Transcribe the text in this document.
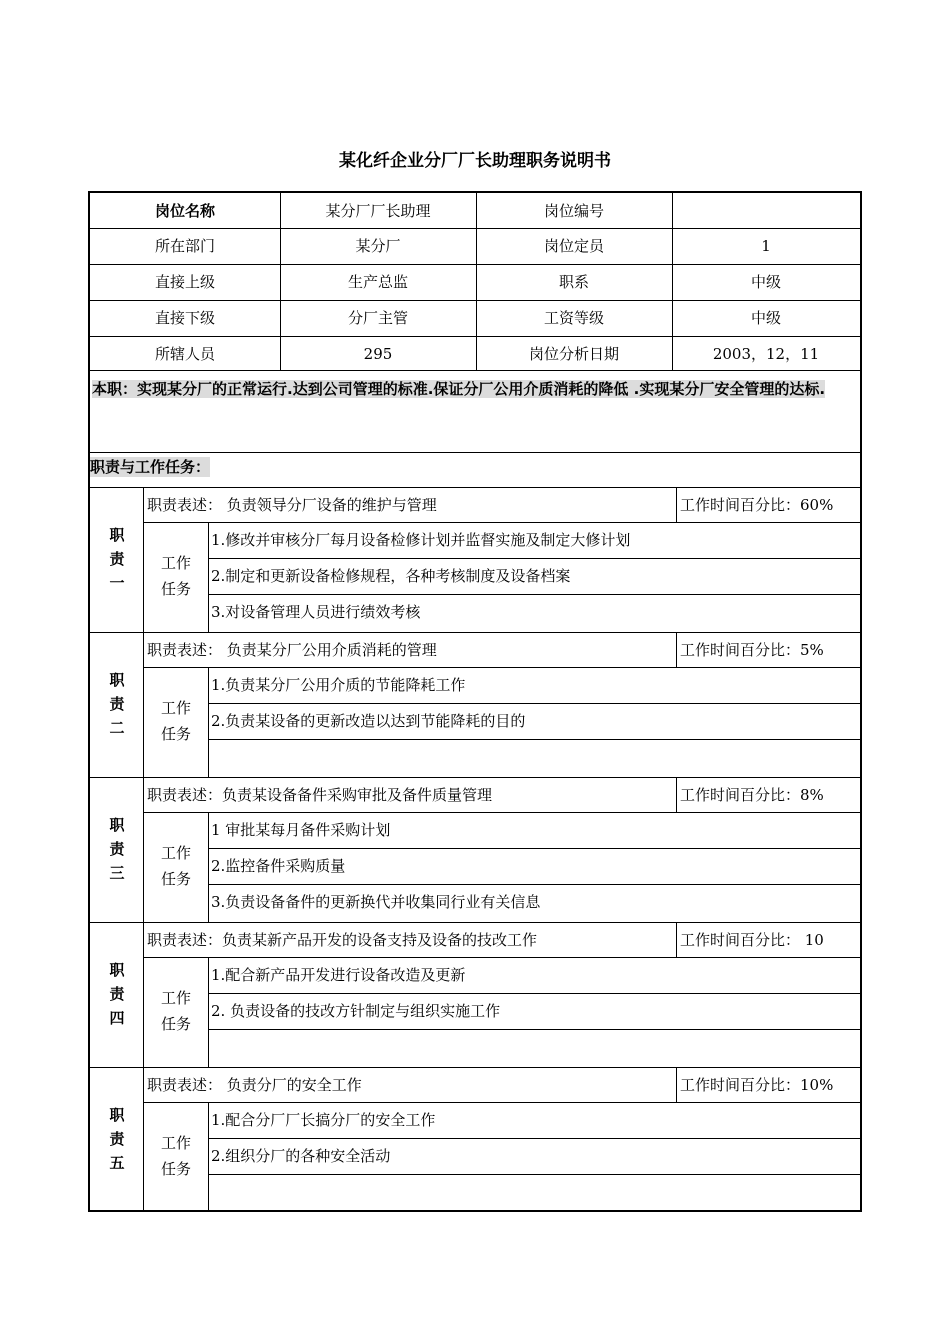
某化纤企业分厂厂长助理职务说明书
本职：实现某分厂的正常运行.达到公司管理的标准.保证分厂公用介质消耗的降低 .实现某分厂安全管理的达标.
职责与工作任务：
岗位名称	某分厂厂长助理	岗位编号
所在部门	某分厂	岗位定员	1
直接上级	生产总监	职系	中级
直接下级	分厂主管	工资等级	中级
所辖人员	295	岗位分析日期	2003，12，11
职
责
一
职责表述： 负责领导分厂设备的维护与管理	工作时间百分比：60%
工作
任务
1.修改并审核分厂每月设备检修计划并监督实施及制定大修计划
2.制定和更新设备检修规程，各种考核制度及设备档案
3.对设备管理人员进行绩效考核
职
责
二
职责表述： 负责某分厂公用介质消耗的管理	工作时间百分比：5%
工作
任务
1.负责某分厂公用介质的节能降耗工作
2.负责某设备的更新改造以达到节能降耗的目的
职
责
三
职责表述：负责某设备备件采购审批及备件质量管理	工作时间百分比：8%
工作
任务
1 审批某每月备件采购计划
2.监控备件采购质量
3.负责设备备件的更新换代并收集同行业有关信息
职
责
四
职责表述：负责某新产品开发的设备支持及设备的技改工作	工作时间百分比： 10
工作
任务
1.配合新产品开发进行设备改造及更新
2. 负责设备的技改方针制定与组织实施工作
职
责
五
职责表述： 负责分厂的安全工作	工作时间百分比：10%
工作
任务
1.配合分厂厂长搞分厂的安全工作
2.组织分厂的各种安全活动
